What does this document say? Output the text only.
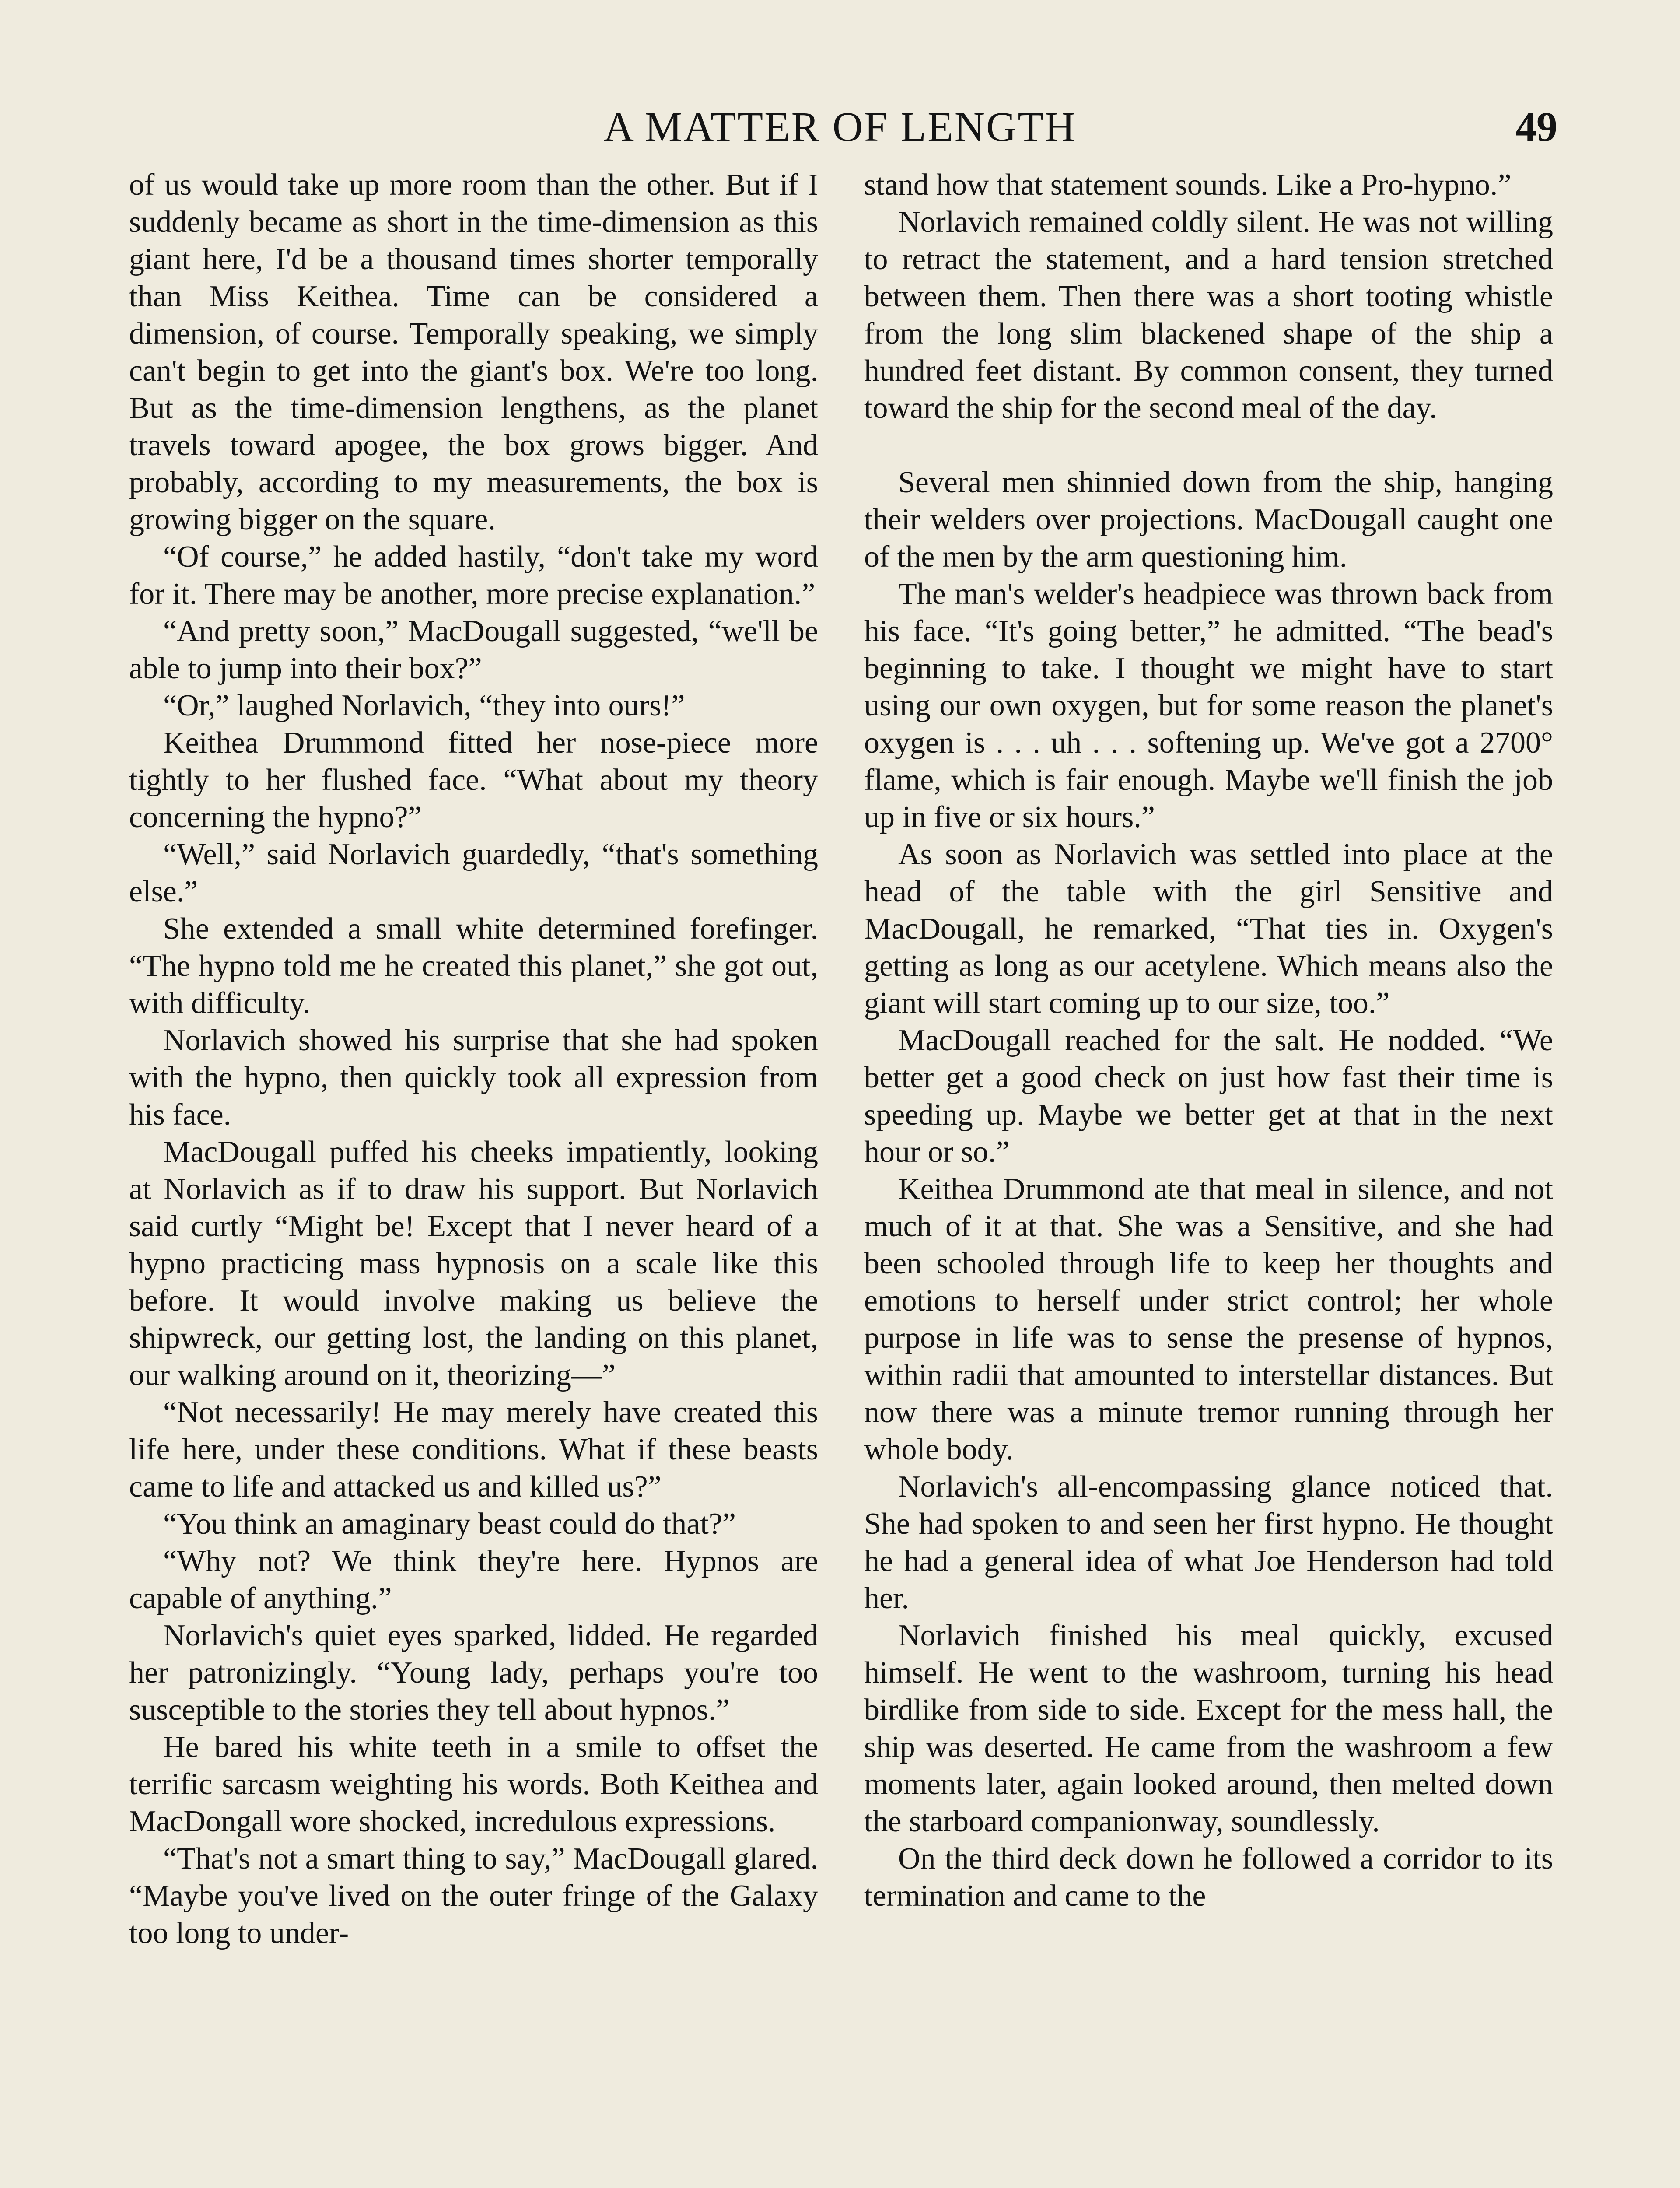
A MATTER OF LENGTH	49

of us would take up more room than the other. But if I suddenly became as short in the time-dimension as this giant here, I'd be a thousand times shorter temporally than Miss Keithea. Time can be considered a dimension, of course. Temporally speaking, we simply can't begin to get into the giant's box. We're too long. But as the time-dimension lengthens, as the planet travels toward apogee, the box grows bigger. And probably, according to my measurements, the box is growing bigger on the square.

“Of course,” he added hastily, “don't take my word for it. There may be another, more precise explanation.”

“And pretty soon,” MacDougall suggested, “we'll be able to jump into their box?”

“Or,” laughed Norlavich, “they into ours!”

Keithea Drummond fitted her nose-piece more tightly to her flushed face. “What about my theory concerning the hypno?”

“Well,” said Norlavich guardedly, “that's something else.”

She extended a small white determined forefinger. “The hypno told me he created this planet,” she got out, with difficulty.

Norlavich showed his surprise that she had spoken with the hypno, then quickly took all expression from his face.

MacDougall puffed his cheeks impatiently, looking at Norlavich as if to draw his support. But Norlavich said curtly “Might be! Except that I never heard of a hypno practicing mass hypnosis on a scale like this before. It would involve making us believe the shipwreck, our getting lost, the landing on this planet, our walking around on it, theorizing—”

“Not necessarily! He may merely have created this life here, under these conditions. What if these beasts came to life and attacked us and killed us?”

“You think an amaginary beast could do that?”

“Why not? We think they're here. Hypnos are capable of anything.”

Norlavich's quiet eyes sparked, lidded. He regarded her patronizingly. “Young lady, perhaps you're too susceptible to the stories they tell about hypnos.”

He bared his white teeth in a smile to offset the terrific sarcasm weighting his words. Both Keithea and MacDongall wore shocked, incredulous expressions.

“That's not a smart thing to say,” MacDougall glared. “Maybe you've lived on the outer fringe of the Galaxy too long to under-

stand how that statement sounds. Like a Pro-hypno.”

Norlavich remained coldly silent. He was not willing to retract the statement, and a hard tension stretched between them. Then there was a short tooting whistle from the long slim blackened shape of the ship a hundred feet distant. By common consent, they turned toward the ship for the second meal of the day.

Several men shinnied down from the ship, hanging their welders over projections. MacDougall caught one of the men by the arm questioning him.

The man's welder's headpiece was thrown back from his face. “It's going better,” he admitted. “The bead's beginning to take. I thought we might have to start using our own oxygen, but for some reason the planet's oxygen is . . . uh . . . softening up. We've got a 2700° flame, which is fair enough. Maybe we'll finish the job up in five or six hours.”

As soon as Norlavich was settled into place at the head of the table with the girl Sensitive and MacDougall, he remarked, “That ties in. Oxygen's getting as long as our acetylene. Which means also the giant will start coming up to our size, too.”

MacDougall reached for the salt. He nodded. “We better get a good check on just how fast their time is speeding up. Maybe we better get at that in the next hour or so.”

Keithea Drummond ate that meal in silence, and not much of it at that. She was a Sensitive, and she had been schooled through life to keep her thoughts and emotions to herself under strict control; her whole purpose in life was to sense the presense of hypnos, within radii that amounted to interstellar distances. But now there was a minute tremor running through her whole body.

Norlavich's all-encompassing glance noticed that. She had spoken to and seen her first hypno. He thought he had a general idea of what Joe Henderson had told her.

Norlavich finished his meal quickly, excused himself. He went to the washroom, turning his head birdlike from side to side. Except for the mess hall, the ship was deserted. He came from the washroom a few moments later, again looked around, then melted down the starboard companionway, soundlessly.

On the third deck down he followed a corridor to its termination and came to the
